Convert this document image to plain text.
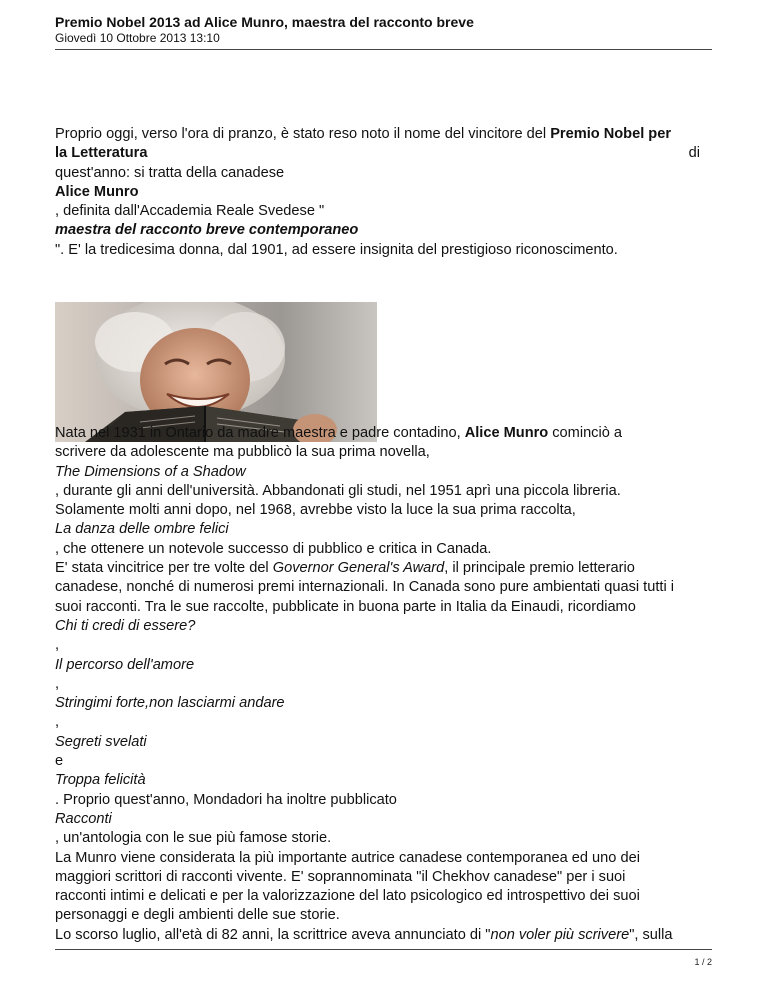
Premio Nobel 2013 ad Alice Munro, maestra del racconto breve

Giovedì 10 Ottobre 2013 13:10

Proprio oggi, verso l'ora di pranzo, è stato reso noto il nome del vincitore del Premio Nobel per

la Letteratura	di

quest'anno: si tratta della canadese

Alice Munro

, definita dall'Accademia Reale Svedese "

maestra del racconto breve contemporaneo

". E' la tredicesima donna, dal 1901, ad essere insignita del prestigioso riconoscimento.

Nata nel 1931 in Ontario da madre maestra e padre contadino, Alice Munro cominciò a

scrivere da adolescente ma pubblicò la sua prima novella,

The Dimensions of a Shadow

, durante gli anni dell'università. Abbandonati gli studi, nel 1951 aprì una piccola libreria.

Solamente molti anni dopo, nel 1968, avrebbe visto la luce la sua prima raccolta,

La danza delle ombre felici

, che ottenere un notevole successo di pubblico e critica in Canada.

E' stata vincitrice per tre volte del Governor General's Award, il principale premio letterario

canadese, nonché di numerosi premi internazionali. In Canada sono pure ambientati quasi tutti i

suoi racconti. Tra le sue raccolte, pubblicate in buona parte in Italia da Einaudi, ricordiamo

Chi ti credi di essere?

,

Il percorso dell'amore

,

Stringimi forte,non lasciarmi andare

,

Segreti svelati

e

Troppa felicità

. Proprio quest'anno, Mondadori ha inoltre pubblicato

Racconti

, un'antologia con le sue più famose storie.

La Munro viene considerata la più importante autrice canadese contemporanea ed uno dei

maggiori scrittori di racconti vivente. E' soprannominata "il Chekhov canadese" per i suoi

racconti intimi e delicati e per la valorizzazione del lato psicologico ed introspettivo dei suoi

personaggi e degli ambienti delle sue storie.

Lo scorso luglio, all'età di 82 anni, la scrittrice aveva annunciato di "non voler più scrivere", sulla

1 / 2
